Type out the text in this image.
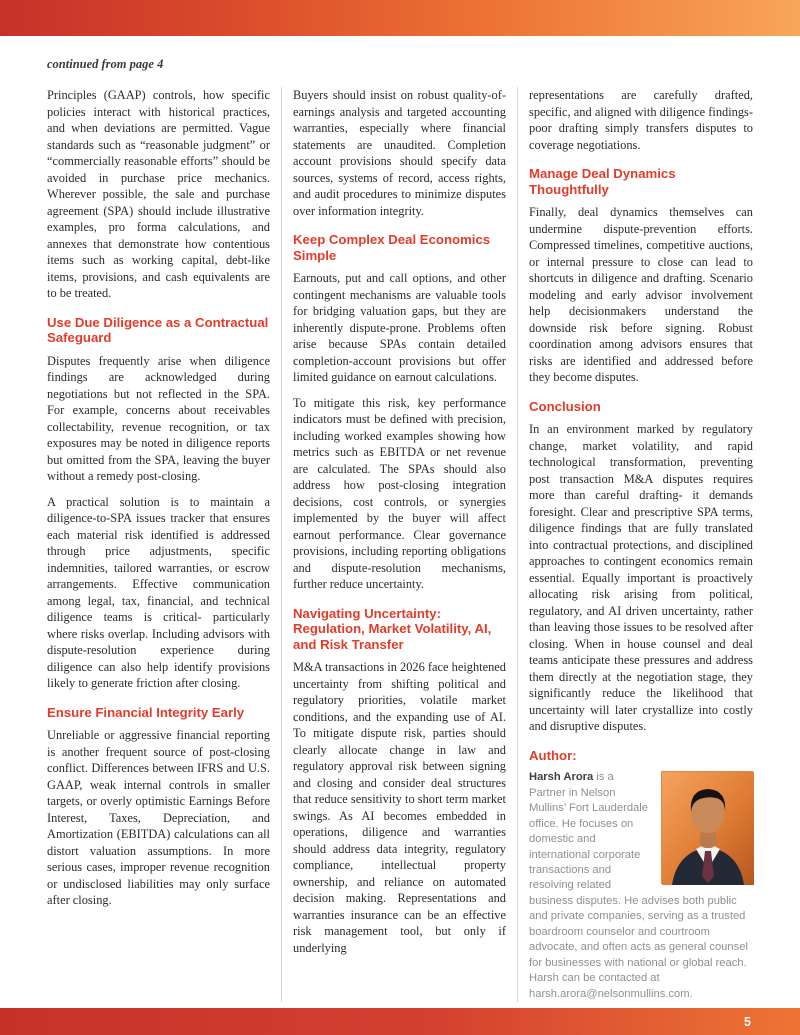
continued from page 4

Principles (GAAP) controls, how specific policies interact with historical practices, and when deviations are permitted. Vague standards such as “reasonable judgment” or “commercially reasonable efforts” should be avoided in purchase price mechanics. Wherever possible, the sale and purchase agreement (SPA) should include illustrative examples, pro forma calculations, and annexes that demonstrate how contentious items such as working capital, debt-like items, provisions, and cash equivalents are to be treated.

Use Due Diligence as a Contractual Safeguard

Disputes frequently arise when diligence findings are acknowledged during negotiations but not reflected in the SPA. For example, concerns about receivables collectability, revenue recognition, or tax exposures may be noted in diligence reports but omitted from the SPA, leaving the buyer without a remedy post-closing.

A practical solution is to maintain a diligence-to-SPA issues tracker that ensures each material risk identified is addressed through price adjustments, specific indemnities, tailored warranties, or escrow arrangements. Effective communication among legal, tax, financial, and technical diligence teams is critical- particularly where risks overlap. Including advisors with dispute-resolution experience during diligence can also help identify provisions likely to generate friction after closing.

Ensure Financial Integrity Early

Unreliable or aggressive financial reporting is another frequent source of post-closing conflict. Differences between IFRS and U.S. GAAP, weak internal controls in smaller targets, or overly optimistic Earnings Before Interest, Taxes, Depreciation, and Amortization (EBITDA) calculations can all distort valuation assumptions. In more serious cases, improper revenue recognition or undisclosed liabilities may only surface after closing.

Buyers should insist on robust quality-of-earnings analysis and targeted accounting warranties, especially where financial statements are unaudited. Completion account provisions should specify data sources, systems of record, access rights, and audit procedures to minimize disputes over information integrity.

Keep Complex Deal Economics Simple

Earnouts, put and call options, and other contingent mechanisms are valuable tools for bridging valuation gaps, but they are inherently dispute-prone. Problems often arise because SPAs contain detailed completion-account provisions but offer limited guidance on earnout calculations.

To mitigate this risk, key performance indicators must be defined with precision, including worked examples showing how metrics such as EBITDA or net revenue are calculated. The SPAs should also address how post-closing integration decisions, cost controls, or synergies implemented by the buyer will affect earnout performance. Clear governance provisions, including reporting obligations and dispute-resolution mechanisms, further reduce uncertainty.

Navigating Uncertainty: Regulation, Market Volatility, AI, and Risk Transfer

M&A transactions in 2026 face heightened uncertainty from shifting political and regulatory priorities, volatile market conditions, and the expanding use of AI. To mitigate dispute risk, parties should clearly allocate change in law and regulatory approval risk between signing and closing and consider deal structures that reduce sensitivity to short term market swings. As AI becomes embedded in operations, diligence and warranties should address data integrity, regulatory compliance, intellectual property ownership, and reliance on automated decision making. Representations and warranties insurance can be an effective risk management tool, but only if underlying

representations are carefully drafted, specific, and aligned with diligence findings- poor drafting simply transfers disputes to coverage negotiations.

Manage Deal Dynamics Thoughtfully

Finally, deal dynamics themselves can undermine dispute-prevention efforts. Compressed timelines, competitive auctions, or internal pressure to close can lead to shortcuts in diligence and drafting. Scenario modeling and early advisor involvement help decisionmakers understand the downside risk before signing. Robust coordination among advisors ensures that risks are identified and addressed before they become disputes.

Conclusion

In an environment marked by regulatory change, market volatility, and rapid technological transformation, preventing post transaction M&A disputes requires more than careful drafting- it demands foresight. Clear and prescriptive SPA terms, diligence findings that are fully translated into contractual protections, and disciplined approaches to contingent economics remain essential. Equally important is proactively allocating risk arising from political, regulatory, and AI driven uncertainty, rather than leaving those issues to be resolved after closing. When in house counsel and deal teams anticipate these pressures and address them directly at the negotiation stage, they significantly reduce the likelihood that uncertainty will later crystallize into costly and disruptive disputes.

Author:
Harsh Arora is a Partner in Nelson Mullins’ Fort Lauderdale office. He focuses on domestic and international corporate transactions and resolving related business disputes. He advises both public and private companies, serving as a trusted boardroom counselor and courtroom advocate, and often acts as general counsel for businesses with national or global reach. Harsh can be contacted at harsh.arora@nelsonmullins.com.
5
